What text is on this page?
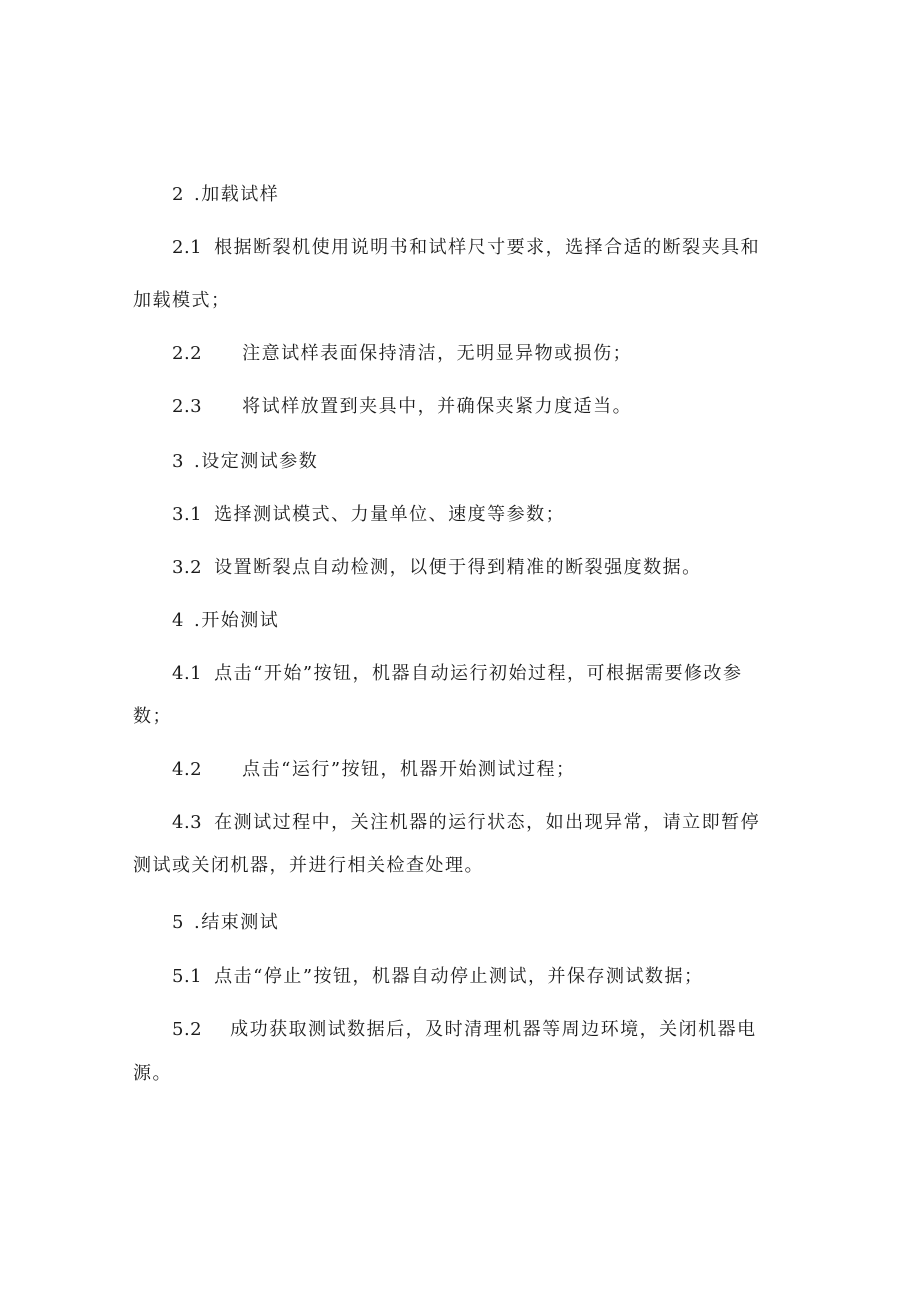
2 .加载试样
2.1 根据断裂机使用说明书和试样尺寸要求，选择合适的断裂夹具和
加载模式；
2.2 注意试样表面保持清洁，无明显异物或损伤；
2.3 将试样放置到夹具中，并确保夹紧力度适当。
3 .设定测试参数
3.1 选择测试模式、力量单位、速度等参数；
3.2 设置断裂点自动检测，以便于得到精准的断裂强度数据。
4 .开始测试
4.1 点击“开始”按钮，机器自动运行初始过程，可根据需要修改参
数；
4.2 点击“运行”按钮，机器开始测试过程；
4.3 在测试过程中，关注机器的运行状态，如出现异常，请立即暂停
测试或关闭机器，并进行相关检查处理。
5 .结束测试
5.1 点击“停止”按钮，机器自动停止测试，并保存测试数据；
5.2 成功获取测试数据后，及时清理机器等周边环境，关闭机器电
源。
